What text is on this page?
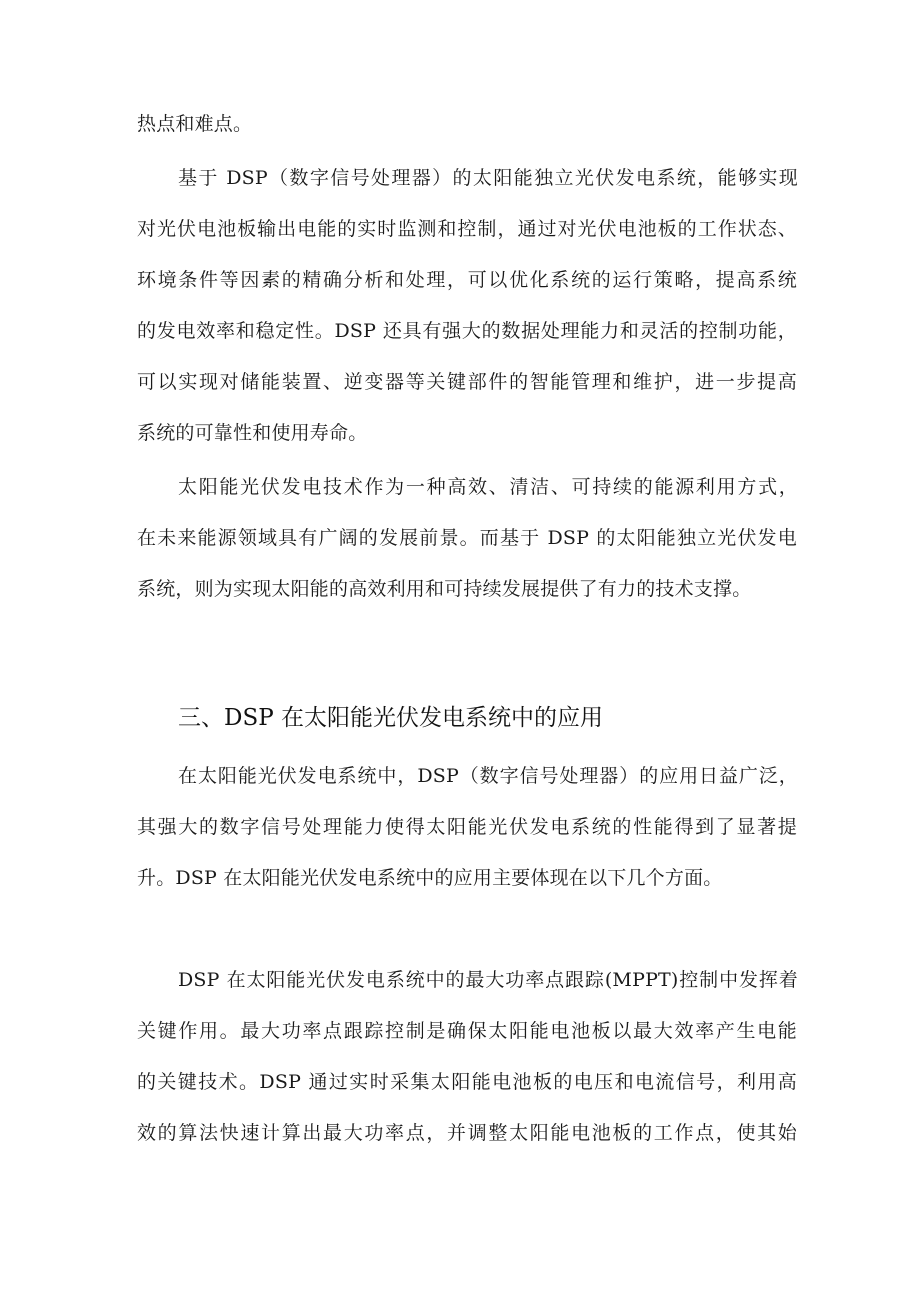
热点和难点。
基于 DSP（数字信号处理器）的太阳能独立光伏发电系统，能够实现
对光伏电池板输出电能的实时监测和控制，通过对光伏电池板的工作状态、
环境条件等因素的精确分析和处理，可以优化系统的运行策略，提高系统
的发电效率和稳定性。DSP 还具有强大的数据处理能力和灵活的控制功能，
可以实现对储能装置、逆变器等关键部件的智能管理和维护，进一步提高
系统的可靠性和使用寿命。
太阳能光伏发电技术作为一种高效、清洁、可持续的能源利用方式，
在未来能源领域具有广阔的发展前景。而基于 DSP 的太阳能独立光伏发电
系统，则为实现太阳能的高效利用和可持续发展提供了有力的技术支撑。
三、DSP 在太阳能光伏发电系统中的应用
在太阳能光伏发电系统中，DSP（数字信号处理器）的应用日益广泛，
其强大的数字信号处理能力使得太阳能光伏发电系统的性能得到了显著提
升。DSP 在太阳能光伏发电系统中的应用主要体现在以下几个方面。
DSP 在太阳能光伏发电系统中的最大功率点跟踪(MPPT)控制中发挥着
关键作用。最大功率点跟踪控制是确保太阳能电池板以最大效率产生电能
的关键技术。DSP 通过实时采集太阳能电池板的电压和电流信号，利用高
效的算法快速计算出最大功率点，并调整太阳能电池板的工作点，使其始
